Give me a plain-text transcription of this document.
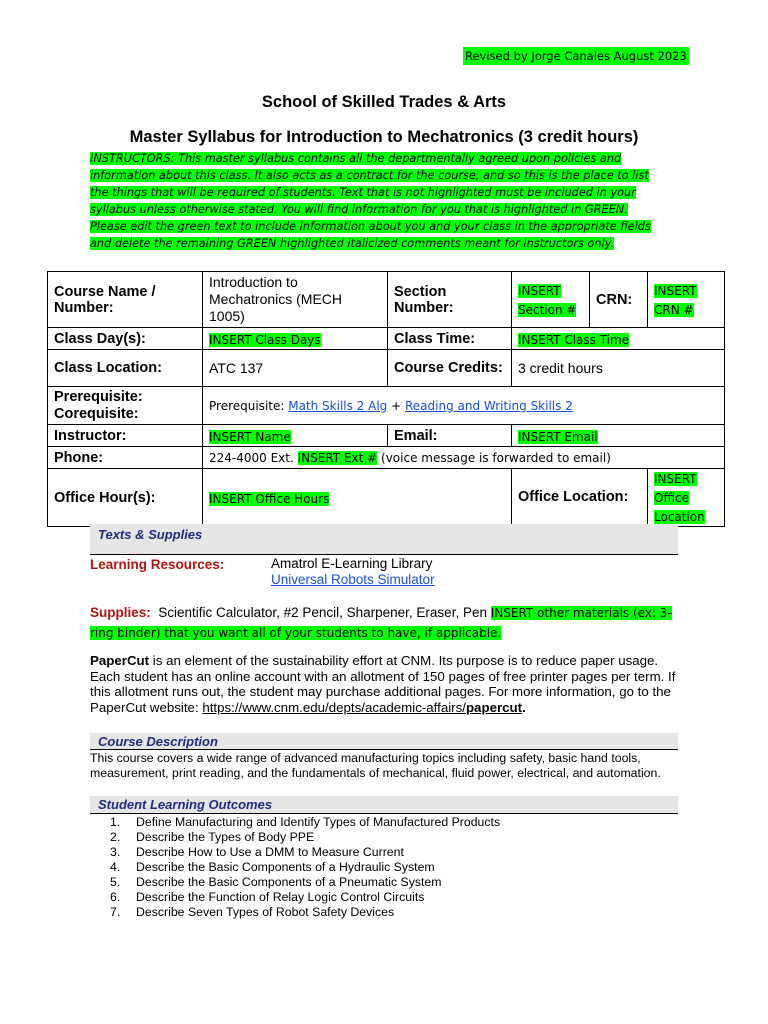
Revised by Jorge Canales August 2023
School of Skilled Trades & Arts
Master Syllabus for Introduction to Mechatronics (3 credit hours)
INSTRUCTORS: This master syllabus contains all the departmentally agreed upon policies and information about this class. It also acts as a contract for the course, and so this is the place to list the things that will be required of students. Text that is not highlighted must be included in your syllabus unless otherwise stated. You will find information for you that is highlighted in GREEN. Please edit the green text to include information about you and your class in the appropriate fields and delete the remaining GREEN highlighted italicized comments meant for instructors only.
Course Name / Number:	Introduction to Mechatronics (MECH 1005)	Section Number:	INSERT Section #	CRN:	INSERT CRN #
Class Day(s):	INSERT Class Days	Class Time:	INSERT Class Time		
Class Location:	ATC 137	Course Credits:	3 credit hours		
Prerequisite: Corequisite:	Prerequisite: Math Skills 2 Alg + Reading and Writing Skills 2				
Instructor:	INSERT Name	Email:	INSERT Email		
Phone:	224-4000 Ext. INSERT Ext # (voice message is forwarded to email)				
Office Hour(s):	INSERT Office Hours		Office Location:		INSERT Office Location
Texts & Supplies
Learning Resources:	Amatrol E-Learning Library
Universal Robots Simulator
Supplies: Scientific Calculator, #2 Pencil, Sharpener, Eraser, Pen INSERT other materials (ex: 3-ring binder) that you want all of your students to have, if applicable.
PaperCut is an element of the sustainability effort at CNM. Its purpose is to reduce paper usage. Each student has an online account with an allotment of 150 pages of free printer pages per term. If this allotment runs out, the student may purchase additional pages. For more information, go to the PaperCut website: https://www.cnm.edu/depts/academic-affairs/papercut.
Course Description
This course covers a wide range of advanced manufacturing topics including safety, basic hand tools, measurement, print reading, and the fundamentals of mechanical, fluid power, electrical, and automation.
Student Learning Outcomes
1.	Define Manufacturing and Identify Types of Manufactured Products
2.	Describe the Types of Body PPE
3.	Describe How to Use a DMM to Measure Current
4.	Describe the Basic Components of a Hydraulic System
5.	Describe the Basic Components of a Pneumatic System
6.	Describe the Function of Relay Logic Control Circuits
7.	Describe Seven Types of Robot Safety Devices
